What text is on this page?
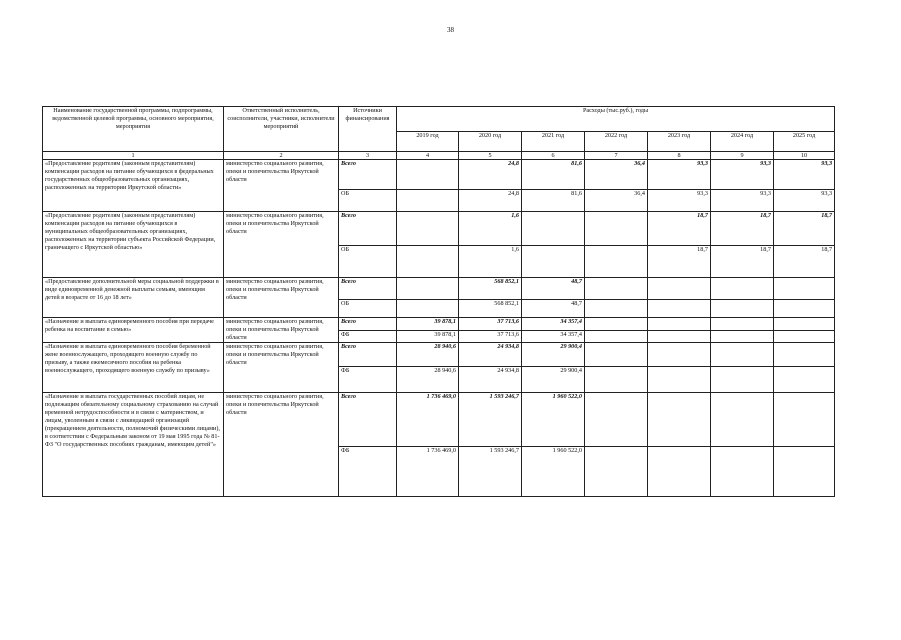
38
Наименование государственной программы, подпрограммы, ведомственной целевой программы, основного мероприятия, мероприятия	Ответственный исполнитель, соисполнители, участники, исполнители мероприятий	Источники финансирования	Расходы (тыс.руб.), годы						
			2019 год	2020 год	2021 год	2022 год	2023 год	2024 год	2025 год
1	2	3	4	5	6	7	8	9	10
«Предоставление родителям (законным представителям) компенсации расходов на питание обучающихся в федеральных государственных общеобразовательных организациях, расположенных на территории Иркутской области»	министерство социального развития, опеки и попечительства Иркутской области	Всего		24,8	81,6	36,4	93,3	93,3	93,3
		ОБ		24,8	81,6	36,4	93,3	93,3	93,3
«Предоставление родителям (законным представителям) компенсации расходов на питание обучающихся в муниципальных общеобразовательных организациях, расположенных на территории субъекта Российской Федерации, граничащего с Иркутской областью»	министерство социального развития, опеки и попечительства Иркутской области	Всего		1,6			18,7	18,7	18,7
		ОБ		1,6			18,7	18,7	18,7
«Предоставление дополнительной меры социальной поддержки в виде единовременной денежной выплаты семьям, имеющим детей в возрасте от 16 до 18 лет»	министерство социального развития, опеки и попечительства Иркутской области	Всего		568 852,1	48,7				
		ОБ		568 852,1	48,7				
«Назначение и выплата единовременного пособия при передаче ребенка на воспитание в семью»	министерство социального развития, опеки и попечительства Иркутской области	Всего	39 878,1	37 713,6	34 357,4				
		ФБ	39 878,1	37 713,6	34 357,4				
«Назначение и выплата единовременного пособия беременной жене военнослужащего, проходящего военную службу по призыву, а также ежемесячного пособия на ребенка военнослужащего, проходящего военную службу по призыву»	министерство социального развития, опеки и попечительства Иркутской области	Всего	28 940,6	24 934,8	29 900,4				
		ФБ	28 940,6	24 934,8	29 900,4				
«Назначение и выплата государственных пособий лицам, не подлежащим обязательному социальному страхованию на случай временной нетрудоспособности и в связи с материнством, и лицам, уволенным в связи с ликвидацией организаций (прекращением деятельности, полномочий физическими лицами), в соответствии с Федеральным законом от 19 мая 1995 года № 81-ФЗ "О государственных пособиях гражданам, имеющим детей"»	министерство социального развития, опеки и попечительства Иркутской области	Всего	1 736 469,0	1 593 246,7	1 960 522,0				
		ФБ	1 736 469,0	1 593 246,7	1 960 522,0				
